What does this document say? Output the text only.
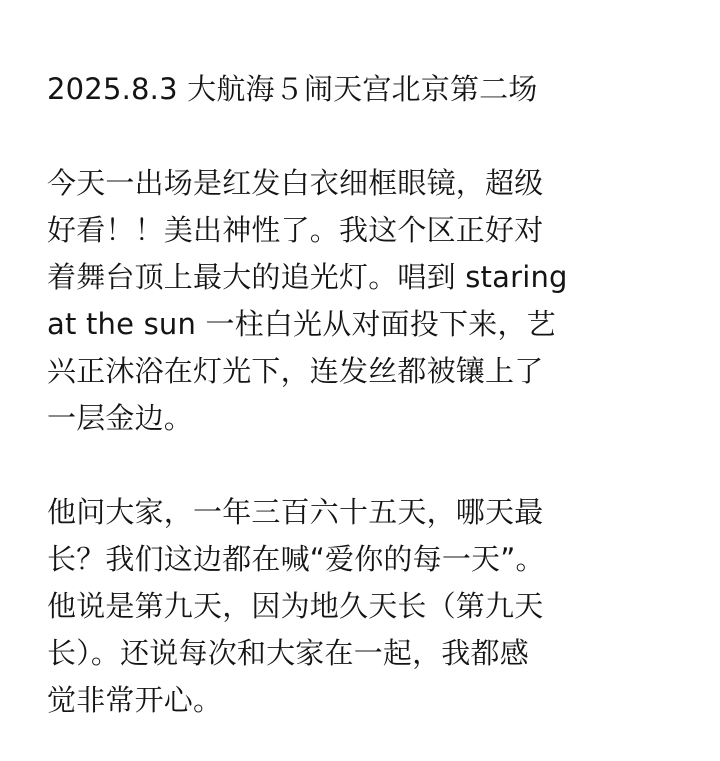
2025.8.3 大航海５闹天宫北京第二场

今天一出场是红发白衣细框眼镜，超级
好看！！美出神性了。我这个区正好对
着舞台顶上最大的追光灯。唱到 staring
at the sun 一柱白光从对面投下来，艺
兴正沐浴在灯光下，连发丝都被镶上了
一层金边。

他问大家，一年三百六十五天，哪天最
长？我们这边都在喊“爱你的每一天”。
他说是第九天，因为地久天长（第九天
长）。还说每次和大家在一起，我都感
觉非常开心。
